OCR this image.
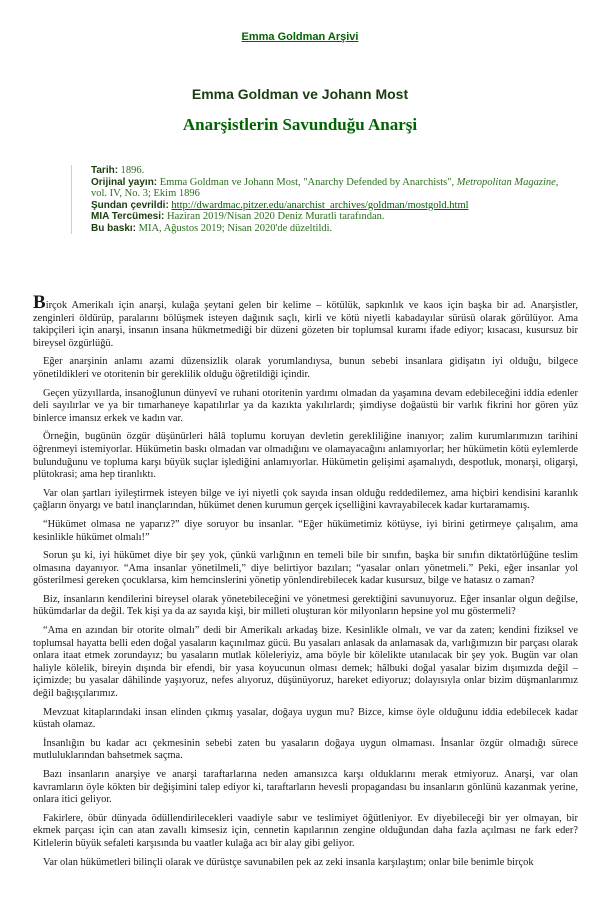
Emma Goldman Arşivi
Emma Goldman ve Johann Most
Anarşistlerin Savunduğu Anarşi
Tarih: 1896.
Orijinal yayın: Emma Goldman ve Johann Most, "Anarchy Defended by Anarchists", Metropolitan Magazine,
vol. IV, No. 3; Ekim 1896
Şundan çevrildi: http://dwardmac.pitzer.edu/anarchist_archives/goldman/mostgold.html
MIA Tercümesi: Haziran 2019/Nisan 2020 Deniz Muratli tarafından.
Bu baskı: MIA, Ağustos 2019; Nisan 2020'de düzeltildi.

Birçok Amerikalı için anarşi, kulağa şeytani gelen bir kelime – kötülük, sapkınlık ve kaos için başka bir ad. Anarşistler, zenginleri öldürüp, paralarını bölüşmek isteyen dağınık saçlı, kirli ve kötü niyetli kabadayılar sürüsü olarak görülüyor. Ama takipçileri için anarşi, insanın insana hükmetmediği bir düzeni gözeten bir toplumsal kuramı ifade ediyor; kısacası, kusursuz bir bireysel özgürlüğü.

Eğer anarşinin anlamı azami düzensizlik olarak yorumlandıysa, bunun sebebi insanlara gidişatın iyi olduğu, bilgece yönetildikleri ve otoritenin bir gereklilik olduğu öğretildiği içindir.

Geçen yüzyıllarda, insanoğlunun dünyevî ve ruhani otoritenin yardımı olmadan da yaşamına devam edebileceğini iddia edenler deli sayılırlar ve ya bir tımarhaneye kapatılırlar ya da kazıkta yakılırlardı; şimdiyse doğaüstü bir varlık fikrini hor gören yüz binlerce imansız erkek ve kadın var.

Örneğin, bugünün özgür düşünürleri hâlâ toplumu koruyan devletin gerekliliğine inanıyor; zalim kurumlarımızın tarihini öğrenmeyi istemiyorlar. Hükümetin baskı olmadan var olmadığını ve olamayacağını anlamıyorlar; her hükümetin kötü eylemlerde bulunduğunu ve topluma karşı büyük suçlar işlediğini anlamıyorlar. Hükümetin gelişimi aşamalıydı, despotluk, monarşi, oligarşi, plütokrasi; ama hep tiranlıktı.

Var olan şartları iyileştirmek isteyen bilge ve iyi niyetli çok sayıda insan olduğu reddedilemez, ama hiçbiri kendisini karanlık çağların önyargı ve batıl inançlarından, hükümet denen kurumun gerçek içselliğini kavrayabilecek kadar kurtaramamış.

“Hükümet olmasa ne yaparız?” diye soruyor bu insanlar. “Eğer hükümetimiz kötüyse, iyi birini getirmeye çalışalım, ama kesinlikle hükümet olmalı!”

Sorun şu ki, iyi hükümet diye bir şey yok, çünkü varlığının en temeli bile bir sınıfın, başka bir sınıfın diktatörlüğüne teslim olmasına dayanıyor. “Ama insanlar yönetilmeli,” diye belirtiyor bazıları; “yasalar onları yönetmeli.” Peki, eğer insanlar yol gösterilmesi gereken çocuklarsa, kim hemcinslerini yönetip yönlendirebilecek kadar kusursuz, bilge ve hatasız o zaman?

Biz, insanların kendilerini bireysel olarak yönetebileceğini ve yönetmesi gerektiğini savunuyoruz. Eğer insanlar olgun değilse, hükümdarlar da değil. Tek kişi ya da az sayıda kişi, bir milleti oluşturan kör milyonların hepsine yol mu göstermeli?

“Ama en azından bir otorite olmalı” dedi bir Amerikalı arkadaş bize. Kesinlikle olmalı, ve var da zaten; kendini fiziksel ve toplumsal hayatta belli eden doğal yasaların kaçınılmaz gücü. Bu yasaları anlasak da anlamasak da, varlığımızın bir parçası olarak onlara itaat etmek zorundayız; bu yasaların mutlak köleleriyiz, ama böyle bir kölelikte utanılacak bir şey yok. Bugün var olan haliyle kölelik, bireyin dışında bir efendi, bir yasa koyucunun olması demek; hâlbuki doğal yasalar bizim dışımızda değil – içimizde; bu yasalar dâhilinde yaşıyoruz, nefes alıyoruz, düşünüyoruz, hareket ediyoruz; dolayısıyla onlar bizim düşmanlarımız değil bağışçılarımız.

Mevzuat kitaplarındaki insan elinden çıkmış yasalar, doğaya uygun mu? Bizce, kimse öyle olduğunu iddia edebilecek kadar küstah olamaz.

İnsanlığın bu kadar acı çekmesinin sebebi zaten bu yasaların doğaya uygun olmaması. İnsanlar özgür olmadığı sürece mutluluklarından bahsetmek saçma.

Bazı insanların anarşiye ve anarşi taraftarlarına neden amansızca karşı olduklarını merak etmiyoruz. Anarşi, var olan kavramların öyle kökten bir değişimini talep ediyor ki, taraftarların hevesli propagandası bu insanların gönlünü kazanmak yerine, onlara itici geliyor.

Fakirlere, öbür dünyada ödüllendirilecekleri vaadiyle sabır ve teslimiyet öğütleniyor. Ev diyebileceği bir yer olmayan, bir ekmek parçası için can atan zavallı kimsesiz için, cennetin kapılarının zengine olduğundan daha fazla açılması ne fark eder? Kitlelerin büyük sefaleti karşısında bu vaatler kulağa acı bir alay gibi geliyor.

Var olan hükümetleri bilinçli olarak ve dürüstçe savunabilen pek az zeki insanla karşılaştım; onlar bile benimle birçok
